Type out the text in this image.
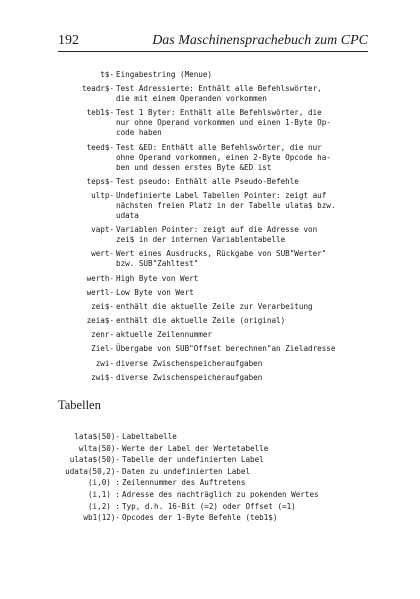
192	Das Maschinensprachebuch zum CPC
t$- Eingabestring (Menue)
teadr$- Test Adressierte: Enthält alle Befehlswörter,
die mit einem Operanden vorkommen
teb1$- Test 1 Byter: Enthält alle Befehlswörter, die
nur ohne Operand vorkommen und einen 1-Byte Op-
code haben
teed$- Test &ED: Enthält alle Befehlswörter, die nur
ohne Operand vorkommen, einen 2-Byte Opcode ha-
ben und dessen erstes Byte &ED ist
teps$- Test pseudo: Enthält alle Pseudo-Befehle
ultp- Undefinierte Label Tabellen Pointer: zeigt auf
nächsten freien Platz in der Tabelle ulata$ bzw.
udata
vapt- Variablen Pointer: zeigt auf die Adresse von
zei$ in der internen Variablentabelle
wert- Wert eines Ausdrucks, Rückgabe von SUB"Werter"
bzw. SUB"Zahltest"
werth- High Byte von Wert
wertl- Low Byte von Wert
zei$- enthält die aktuelle Zeile zur Verarbeitung
zeia$- enthält die aktuelle Zeile (original)
zenr- aktuelle Zeilennummer
Ziel- Übergabe von SUB"Offset berechnen"an Zieladresse
zwi- diverse Zwischenspeicheraufgaben
zwi$- diverse Zwischenspeicheraufgaben
Tabellen
lata$(50)- Labeltabelle
wlta(50)- Werte der Label der Wertetabelle
ulata$(50)- Tabelle der undefinierten Label
udata(50,2)- Daten zu undefinierten Label
(i,0) : Zeilennummer des Auftretens
(i,1) : Adresse des nachträglich zu pokenden Wertes
(i,2) : Typ, d.h. 16-Bit (=2) oder Offset (=1)
wb1(12)- Opcodes der 1-Byte Befehle (teb1$)
